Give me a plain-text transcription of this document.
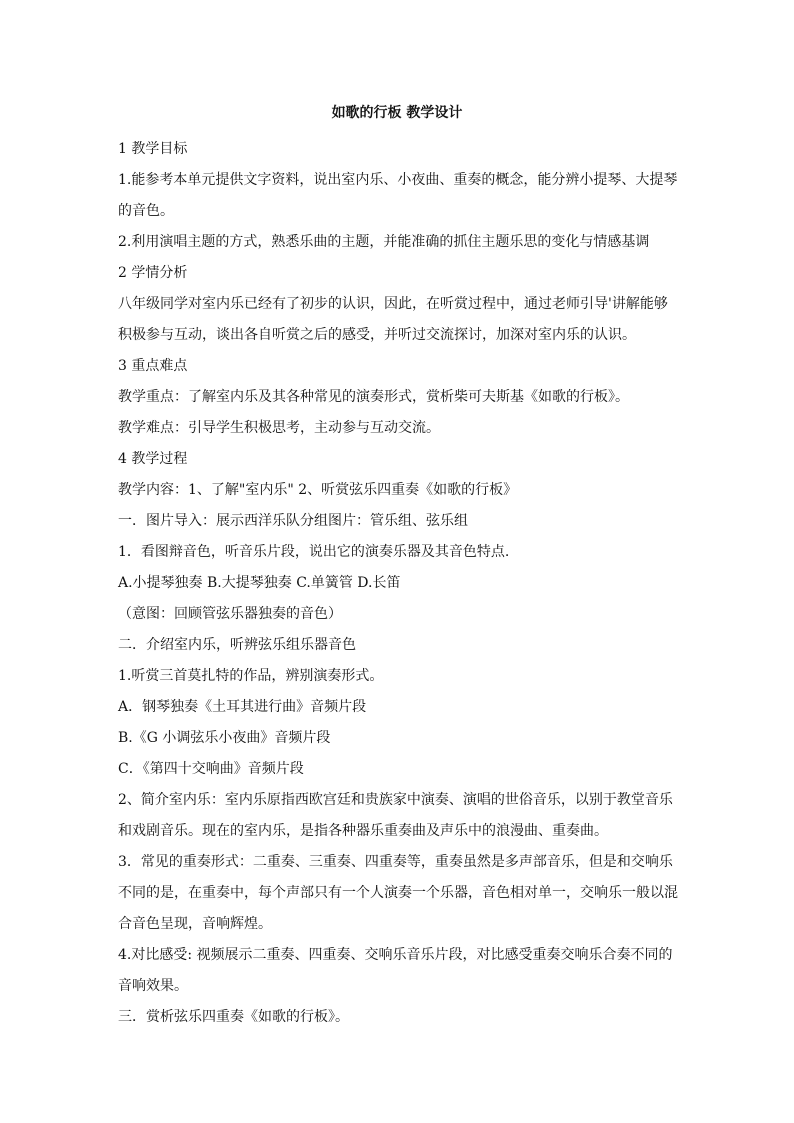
如歌的行板 教学设计
1 教学目标
1.能参考本单元提供文字资料，说出室内乐、小夜曲、重奏的概念，能分辨小提琴、大提琴
的音色。
2.利用演唱主题的方式，熟悉乐曲的主题，并能准确的抓住主题乐思的变化与情感基调
2 学情分析
八年级同学对室内乐已经有了初步的认识，因此，在听赏过程中，通过老师引导'讲解能够
积极参与互动，谈出各自听赏之后的感受，并听过交流探讨，加深对室内乐的认识。
3 重点难点
教学重点：了解室内乐及其各种常见的演奏形式，赏析柴可夫斯基《如歌的行板》。
教学难点：引导学生积极思考，主动参与互动交流。
4 教学过程
教学内容：1、了解"室内乐" 2、听赏弦乐四重奏《如歌的行板》
一．图片导入：展示西洋乐队分组图片：管乐组、弦乐组
1．看图辩音色，听音乐片段，说出它的演奏乐器及其音色特点.
A.小提琴独奏 B.大提琴独奏 C.单簧管 D.长笛
（意图：回顾管弦乐器独奏的音色）
二．介绍室内乐，听辨弦乐组乐器音色
1.听赏三首莫扎特的作品，辨别演奏形式。
A．钢琴独奏《土耳其进行曲》音频片段
B.《G 小调弦乐小夜曲》音频片段
C．《第四十交响曲》音频片段
2、简介室内乐：室内乐原指西欧宫廷和贵族家中演奏、演唱的世俗音乐，以别于教堂音乐
和戏剧音乐。现在的室内乐，是指各种器乐重奏曲及声乐中的浪漫曲、重奏曲。
3．常见的重奏形式：二重奏、三重奏、四重奏等，重奏虽然是多声部音乐，但是和交响乐
不同的是，在重奏中，每个声部只有一个人演奏一个乐器，音色相对单一，交响乐一般以混
合音色呈现，音响辉煌。
4.对比感受: 视频展示二重奏、四重奏、交响乐音乐片段，对比感受重奏交响乐合奏不同的
音响效果。
三．赏析弦乐四重奏《如歌的行板》。
